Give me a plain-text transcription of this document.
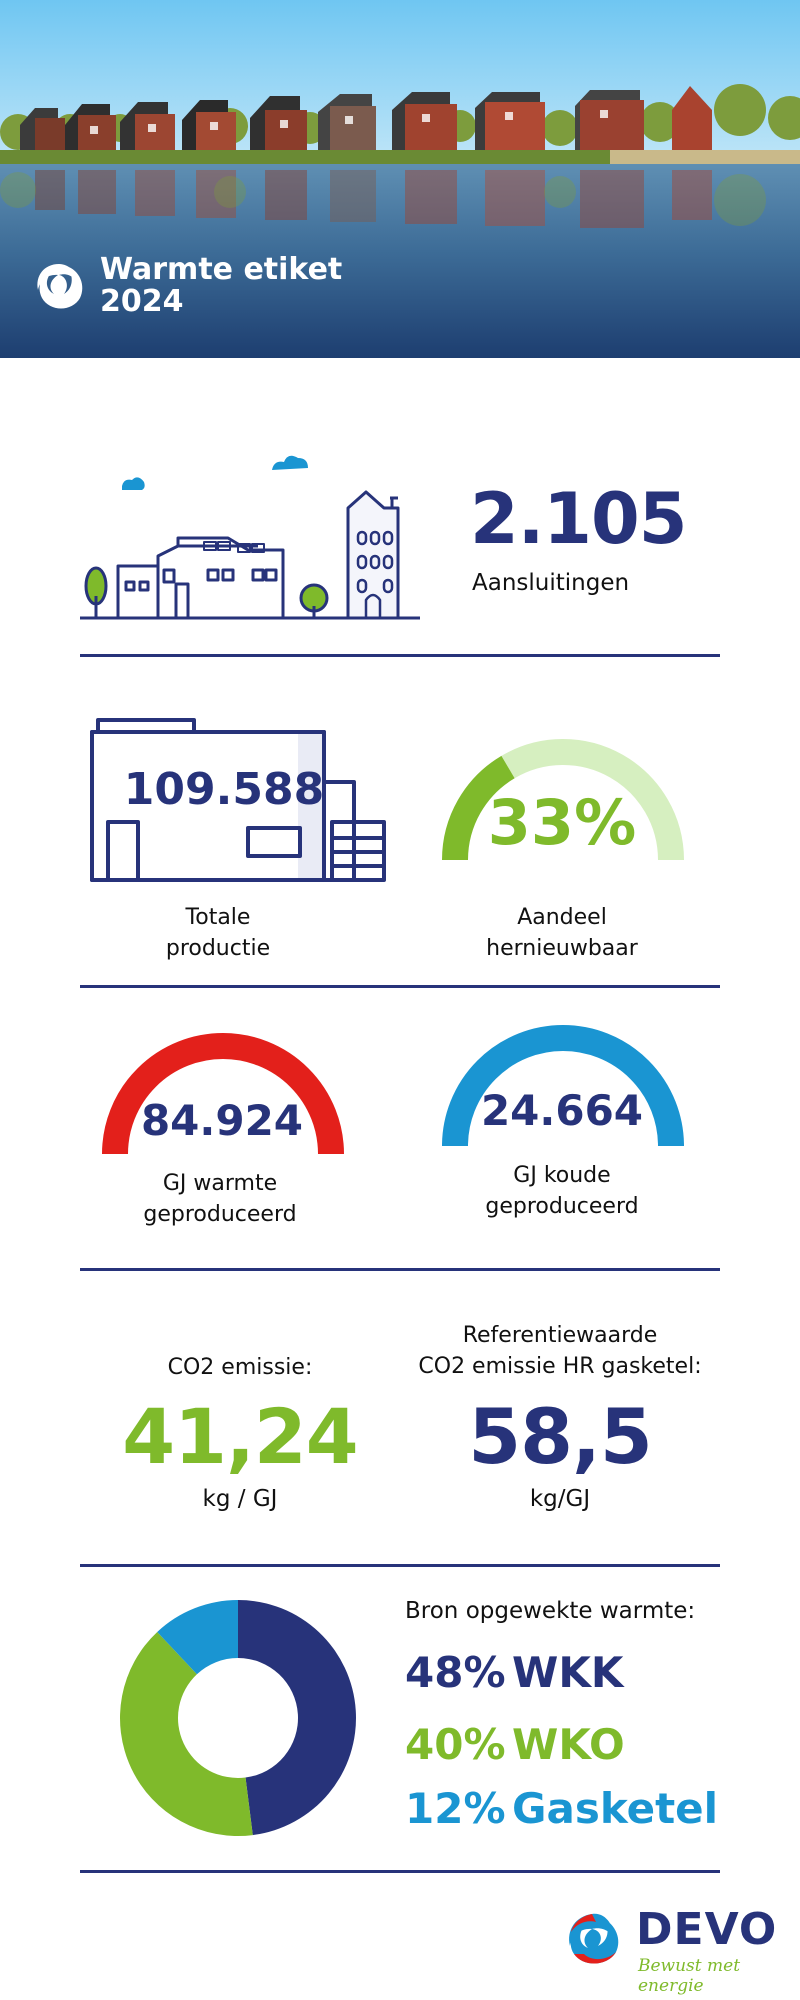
Warmte etiket
2024
2.105
Aansluitingen
109.588
Totale
productie
33%
Aandeel
hernieuwbaar
84.924
GJ warmte
geproduceerd
24.664
GJ koude
geproduceerd
CO2 emissie:
41,24
kg / GJ
Referentiewaarde
CO2 emissie HR gasketel:
58,5
kg/GJ
Bron opgewekte warmte:
48% WKK
40% WKO
12% Gasketel
DEVO
Bewust met energie
